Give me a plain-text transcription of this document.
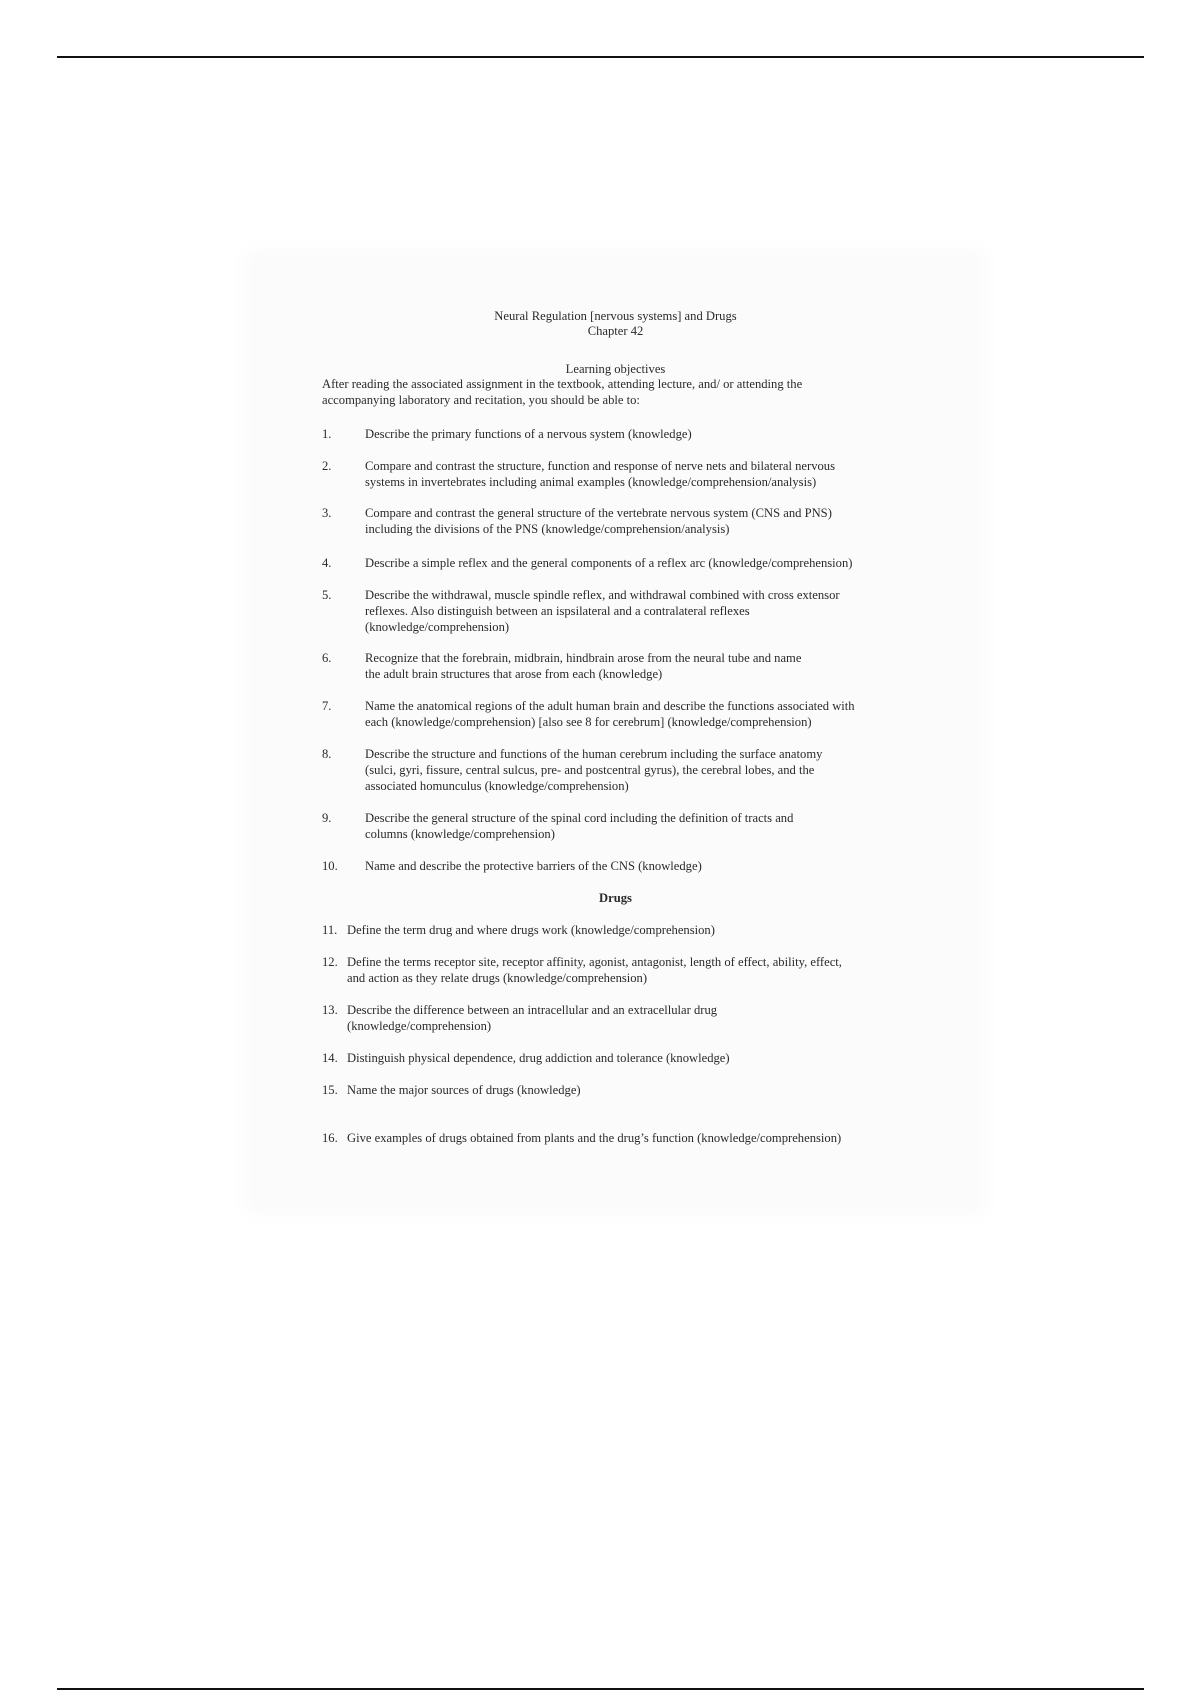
Neural Regulation [nervous systems] and Drugs
Chapter 42
Learning objectives
After reading the associated assignment in the textbook, attending lecture, and/ or attending the
accompanying laboratory and recitation, you should be able to:
1.	Describe the primary functions of a nervous system (knowledge)
2.	Compare and contrast the structure, function and response of nerve nets and bilateral nervous
systems in invertebrates including animal examples (knowledge/comprehension/analysis)
3.	Compare and contrast the general structure of the vertebrate nervous system (CNS and PNS)
including the divisions of the PNS (knowledge/comprehension/analysis)
4.	Describe a simple reflex and the general components of a reflex arc (knowledge/comprehension)
5.	Describe the withdrawal, muscle spindle reflex, and withdrawal combined with cross extensor
reflexes. Also distinguish between an ispsilateral and a contralateral reflexes
(knowledge/comprehension)
6.	Recognize that the forebrain, midbrain, hindbrain arose from the neural tube and name
the adult brain structures that arose from each (knowledge)
7.	Name the anatomical regions of the adult human brain and describe the functions associated with
each (knowledge/comprehension) [also see 8 for cerebrum] (knowledge/comprehension)
8.	Describe the structure and functions of the human cerebrum including the surface anatomy
(sulci, gyri, fissure, central sulcus, pre- and postcentral gyrus), the cerebral lobes, and the
associated homunculus (knowledge/comprehension)
9.	Describe the general structure of the spinal cord including the definition of tracts and
columns (knowledge/comprehension)
10. Name and describe the protective barriers of the CNS (knowledge)
Drugs
11. Define the term drug and where drugs work (knowledge/comprehension)
12. Define the terms receptor site, receptor affinity, agonist, antagonist, length of effect, ability, effect,
and action as they relate drugs (knowledge/comprehension)
13. Describe the difference between an intracellular and an extracellular drug
(knowledge/comprehension)
14. Distinguish physical dependence, drug addiction and tolerance (knowledge)
15. Name the major sources of drugs (knowledge)
16. Give examples of drugs obtained from plants and the drug’s function (knowledge/comprehension)
